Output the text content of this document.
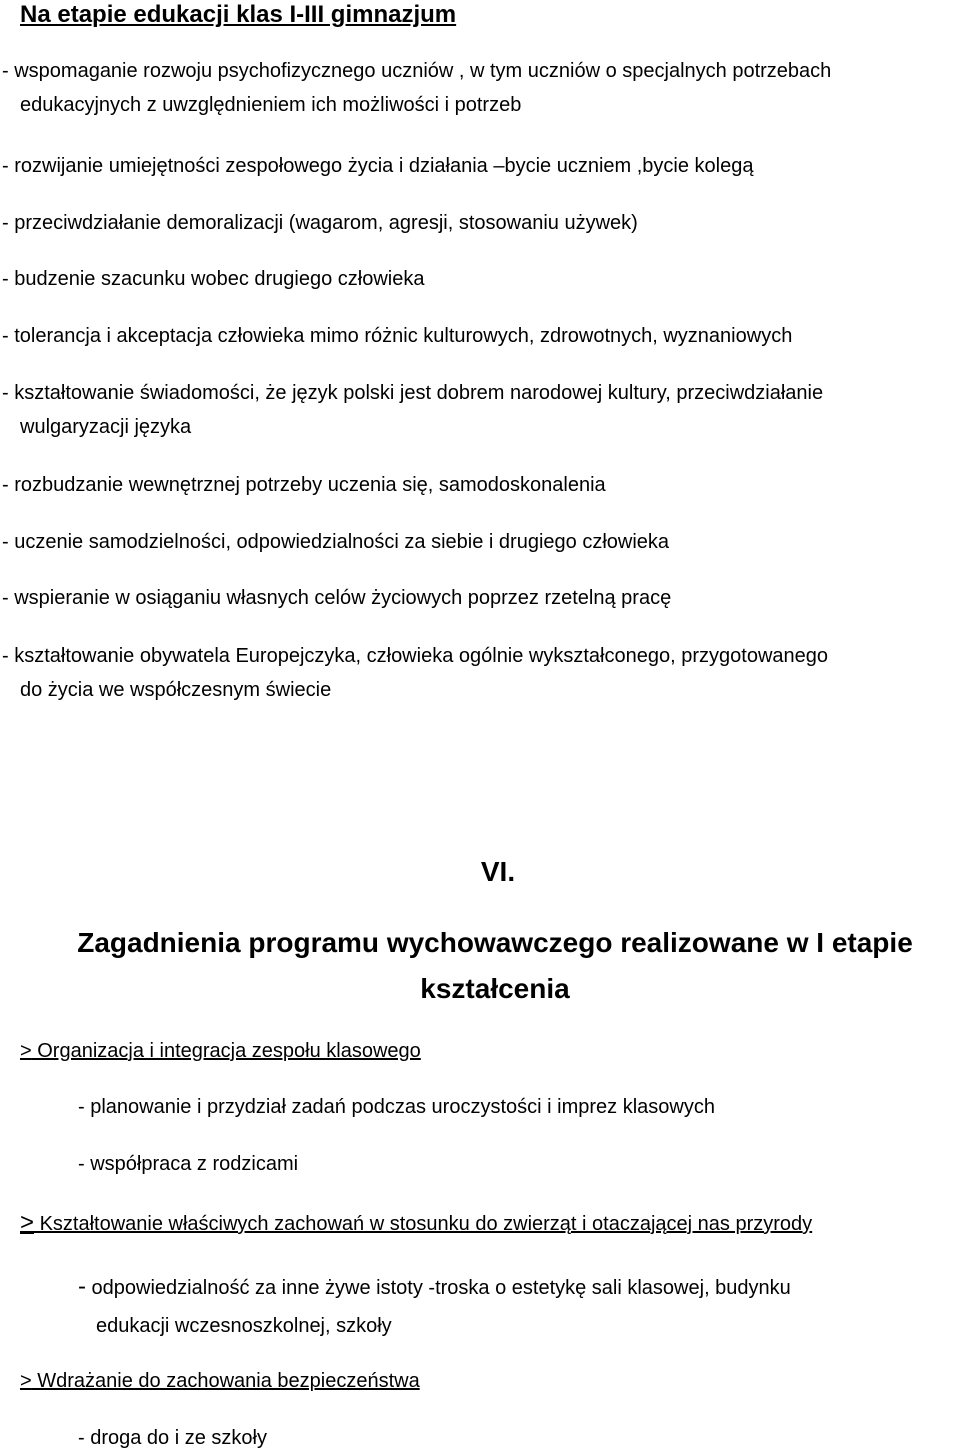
Na etapie edukacji klas I-III gimnazjum

- wspomaganie rozwoju psychofizycznego uczniów , w tym uczniów o specjalnych potrzebach
edukacyjnych z uwzględnieniem ich możliwości i potrzeb

- rozwijanie umiejętności zespołowego życia i działania –bycie uczniem ,bycie kolegą

- przeciwdziałanie demoralizacji (wagarom, agresji, stosowaniu używek)

- budzenie szacunku wobec drugiego człowieka

- tolerancja i akceptacja człowieka mimo różnic kulturowych, zdrowotnych, wyznaniowych

- kształtowanie świadomości, że język polski jest dobrem narodowej kultury, przeciwdziałanie
wulgaryzacji języka

- rozbudzanie wewnętrznej potrzeby uczenia się, samodoskonalenia

- uczenie samodzielności, odpowiedzialności za siebie i drugiego człowieka

- wspieranie w osiąganiu własnych celów życiowych poprzez rzetelną pracę

- kształtowanie obywatela Europejczyka, człowieka ogólnie wykształconego, przygotowanego
do życia we współczesnym świecie

VI.

Zagadnienia programu wychowawczego realizowane w I etapie
kształcenia

> Organizacja i integracja zespołu klasowego

- planowanie i przydział zadań podczas uroczystości i imprez klasowych

- współpraca z rodzicami

> Kształtowanie właściwych zachowań w stosunku do zwierząt i otaczającej nas przyrody

- odpowiedzialność za inne żywe istoty -troska o estetykę sali klasowej, budynku
edukacji wczesnoszkolnej, szkoły

> Wdrażanie do zachowania bezpieczeństwa

- droga do i ze szkoły
